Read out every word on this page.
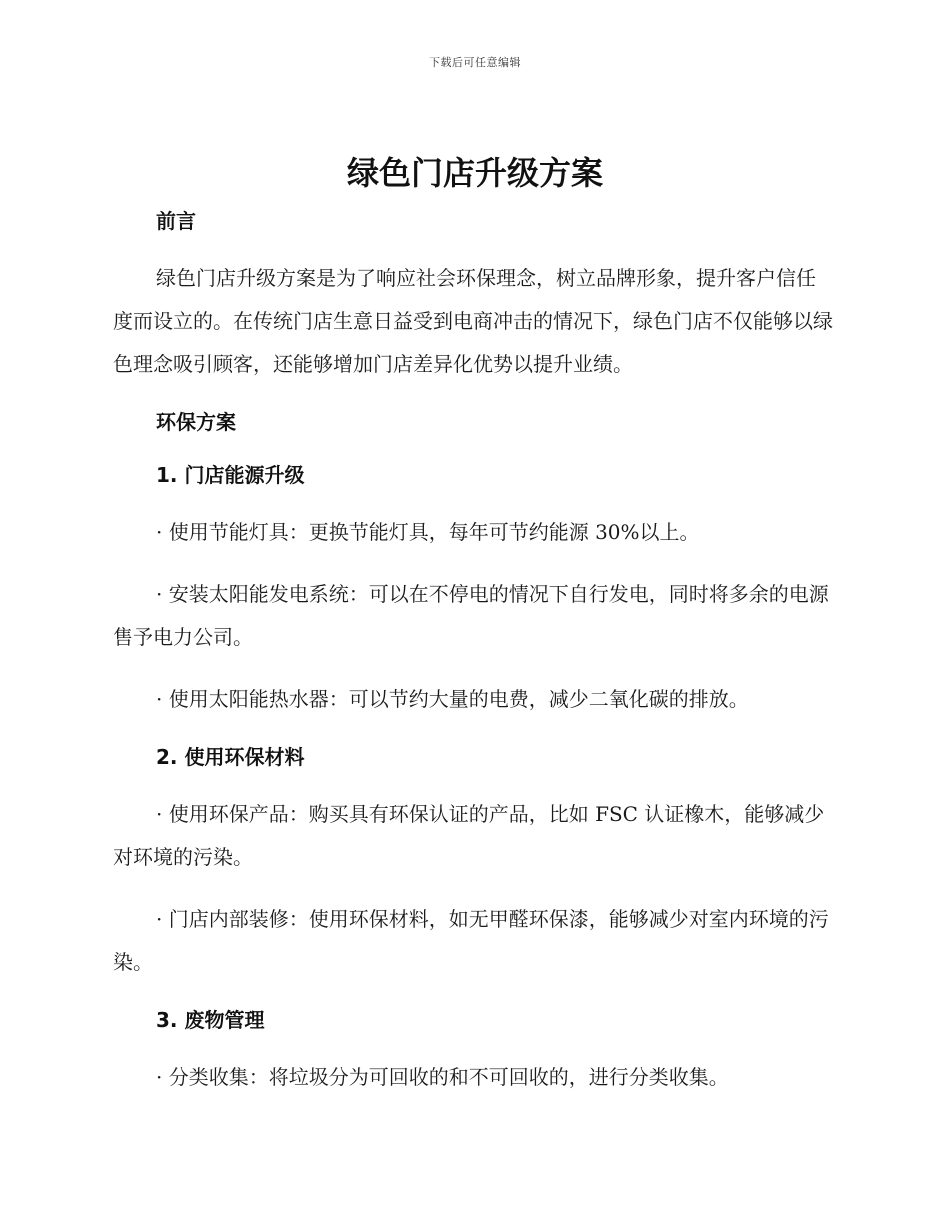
下载后可任意编辑
绿色门店升级方案
前言

绿色门店升级方案是为了响应社会环保理念，树立品牌形象，提升客户信任度而设立的。在传统门店生意日益受到电商冲击的情况下，绿色门店不仅能够以绿色理念吸引顾客，还能够增加门店差异化优势以提升业绩。

环保方案
1. 门店能源升级

· 使用节能灯具：更换节能灯具，每年可节约能源 30%以上。

· 安装太阳能发电系统：可以在不停电的情况下自行发电，同时将多余的电源售予电力公司。

· 使用太阳能热水器：可以节约大量的电费，减少二氧化碳的排放。

2. 使用环保材料

· 使用环保产品：购买具有环保认证的产品，比如 FSC 认证橡木，能够减少对环境的污染。

· 门店内部装修：使用环保材料，如无甲醛环保漆，能够减少对室内环境的污染。

3. 废物管理

· 分类收集：将垃圾分为可回收的和不可回收的，进行分类收集。
